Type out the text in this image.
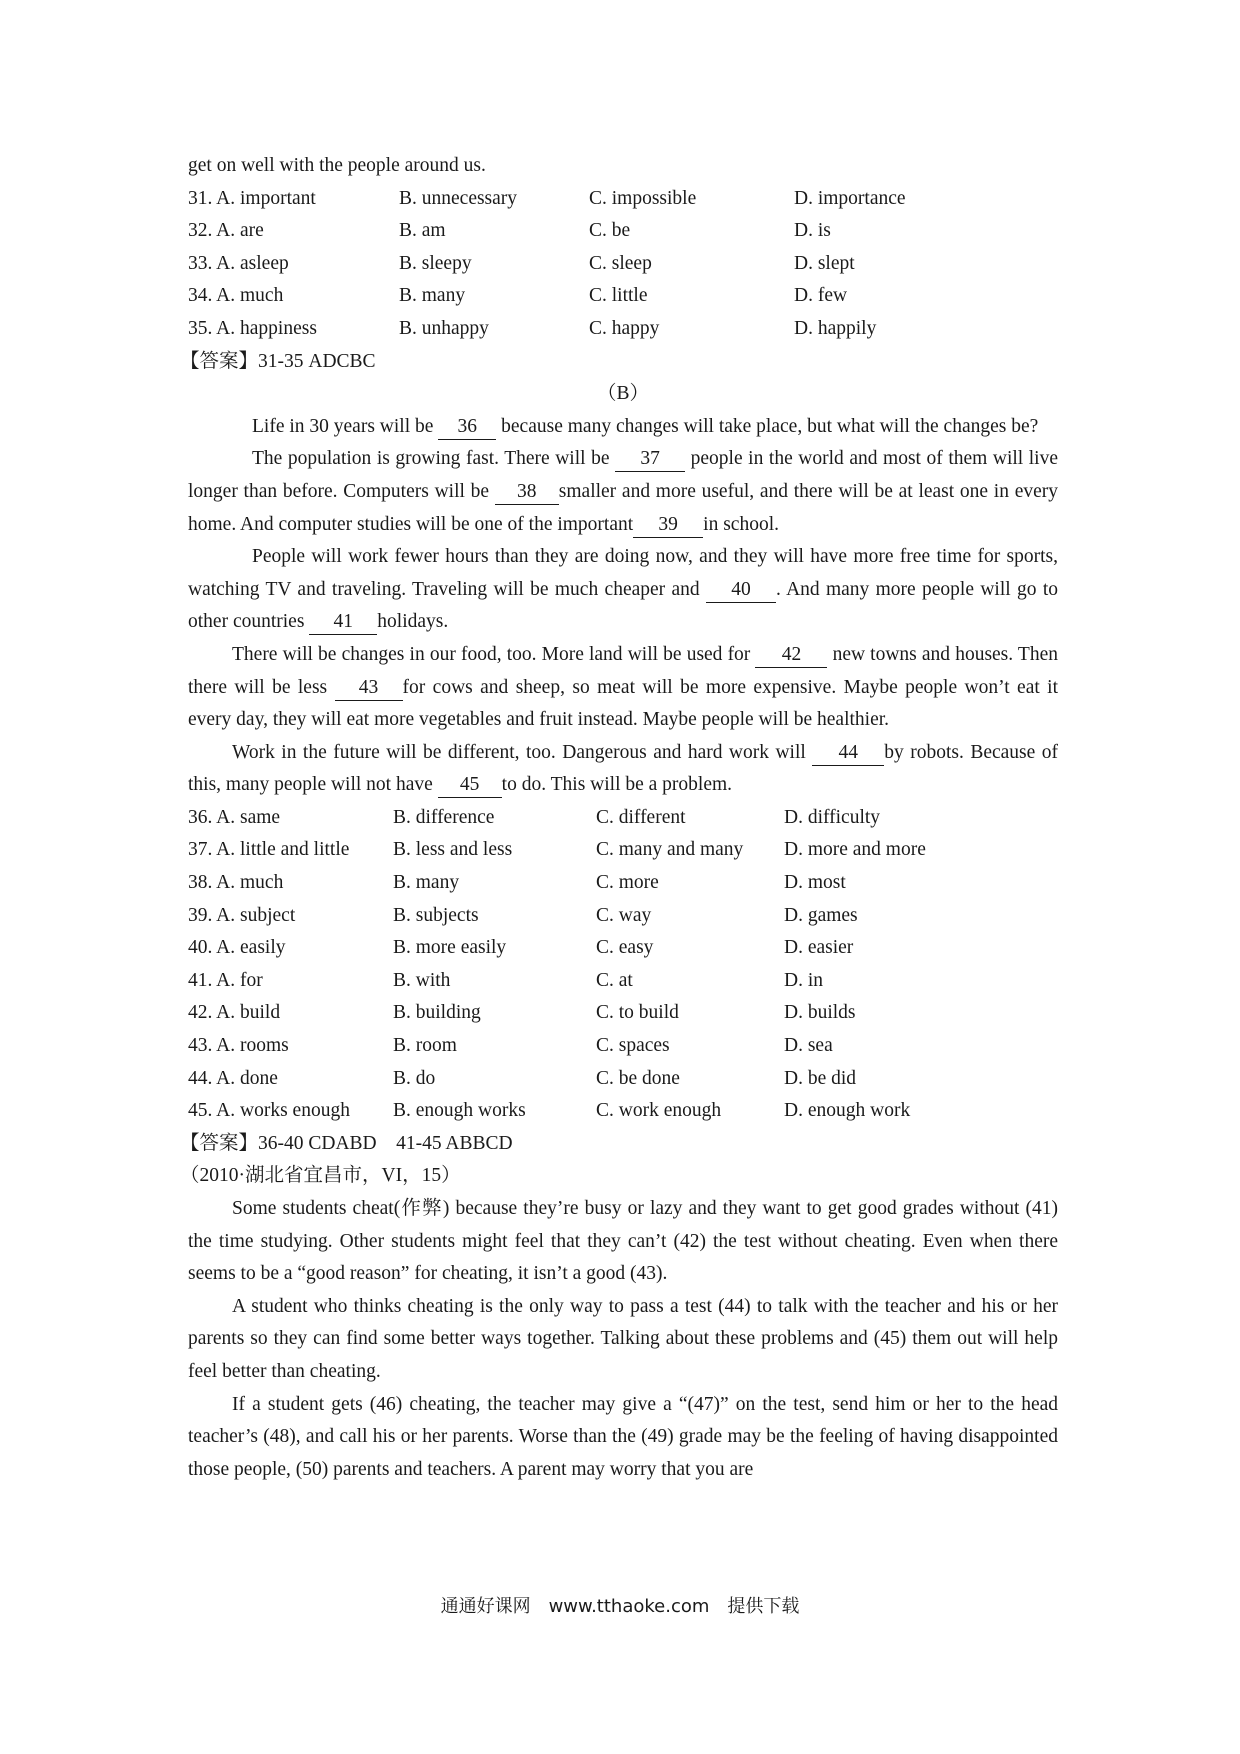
get on well with the people around us.

31. A. important	B. unnecessary	C. impossible	D. importance
32. A. are	B. am	C. be	D. is
33. A. asleep	B. sleepy	C. sleep	D. slept
34. A. much	B. many	C. little	D. few
35. A. happiness	B. unhappy	C. happy	D. happily

【答案】31-35 ADCBC

（B）

Life in 30 years will be 36 because many changes will take place, but what will the changes be?

The population is growing fast. There will be 37 people in the world and most of them will live longer than before. Computers will be 38 smaller and more useful, and there will be at least one in every home. And computer studies will be one of the important 39 in school.

People will work fewer hours than they are doing now, and they will have more free time for sports, watching TV and traveling. Traveling will be much cheaper and 40 . And many more people will go to other countries 41 holidays.

There will be changes in our food, too. More land will be used for 42 new towns and houses. Then there will be less 43 for cows and sheep, so meat will be more expensive. Maybe people won’t eat it every day, they will eat more vegetables and fruit instead. Maybe people will be healthier.

Work in the future will be different, too. Dangerous and hard work will 44 by robots. Because of this, many people will not have 45 to do. This will be a problem.

36. A. same	B. difference	C. different	D. difficulty
37. A. little and little	B. less and less	C. many and many	D. more and more
38. A. much	B. many	C. more	D. most
39. A. subject	B. subjects	C. way	D. games
40. A. easily	B. more easily	C. easy	D. easier
41. A. for	B. with	C. at	D. in
42. A. build	B. building	C. to build	D. builds
43. A. rooms	B. room	C. spaces	D. sea
44. A. done	B. do	C. be done	D. be did
45. A. works enough	B. enough works	C. work enough	D. enough work

【答案】36-40 CDABD　41-45 ABBCD

（2010·湖北省宜昌市，VI，15）

Some students cheat(作弊) because they’re busy or lazy and they want to get good grades without (41) the time studying. Other students might feel that they can’t (42) the test without cheating. Even when there seems to be a “good reason” for cheating, it isn’t a good (43).

A student who thinks cheating is the only way to pass a test (44) to talk with the teacher and his or her parents so they can find some better ways together. Talking about these problems and (45) them out will help feel better than cheating.

If a student gets (46) cheating, the teacher may give a “(47)” on the test, send him or her to the head teacher’s (48), and call his or her parents. Worse than the (49) grade may be the feeling of having disappointed those people, (50) parents and teachers. A parent may worry that you are

通通好课网　www.tthaoke.com　提供下载
